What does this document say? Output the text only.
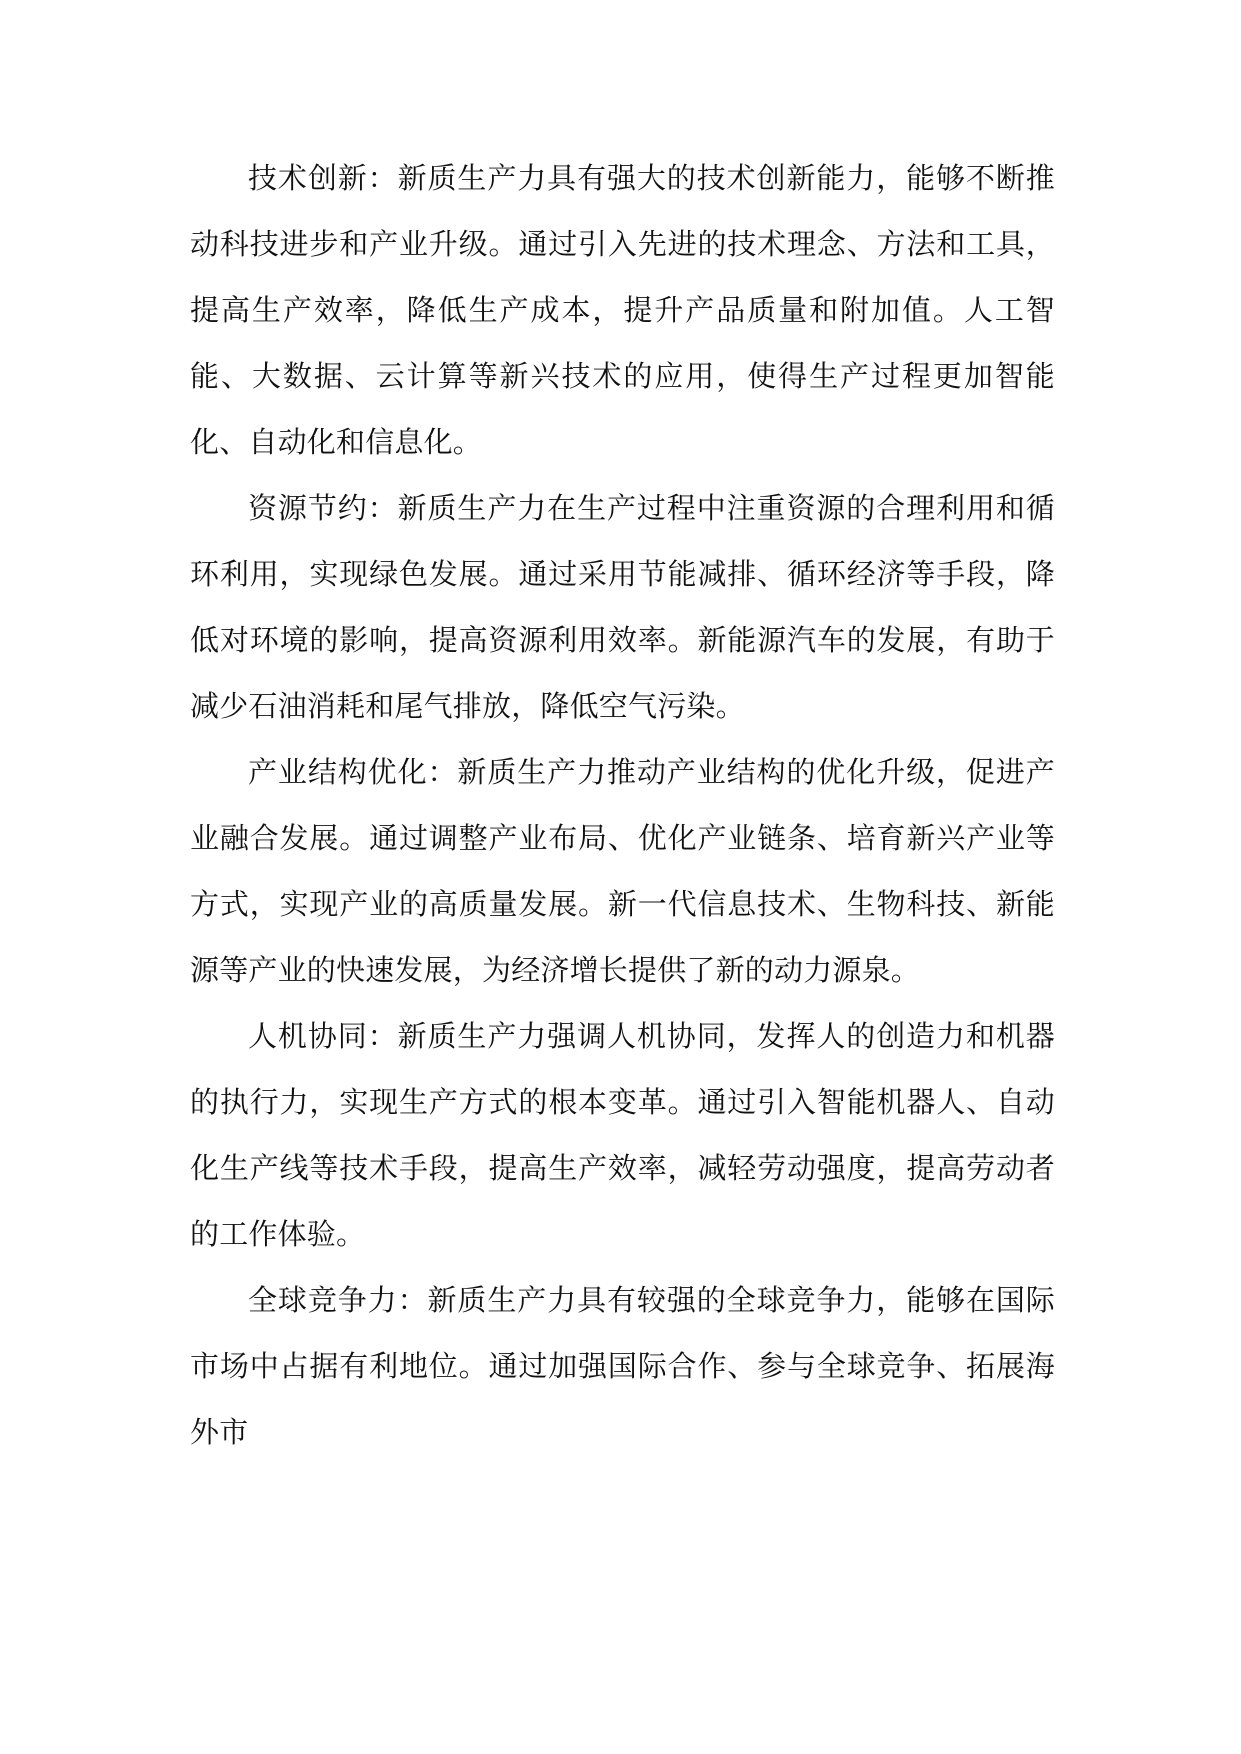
技术创新：新质生产力具有强大的技术创新能力，能够不断推动科技进步和产业升级。通过引入先进的技术理念、方法和工具，提高生产效率，降低生产成本，提升产品质量和附加值。人工智能、大数据、云计算等新兴技术的应用，使得生产过程更加智能化、自动化和信息化。

资源节约：新质生产力在生产过程中注重资源的合理利用和循环利用，实现绿色发展。通过采用节能减排、循环经济等手段，降低对环境的影响，提高资源利用效率。新能源汽车的发展，有助于减少石油消耗和尾气排放，降低空气污染。

产业结构优化：新质生产力推动产业结构的优化升级，促进产业融合发展。通过调整产业布局、优化产业链条、培育新兴产业等方式，实现产业的高质量发展。新一代信息技术、生物科技、新能源等产业的快速发展，为经济增长提供了新的动力源泉。

人机协同：新质生产力强调人机协同，发挥人的创造力和机器的执行力，实现生产方式的根本变革。通过引入智能机器人、自动化生产线等技术手段，提高生产效率，减轻劳动强度，提高劳动者的工作体验。

全球竞争力：新质生产力具有较强的全球竞争力，能够在国际市场中占据有利地位。通过加强国际合作、参与全球竞争、拓展海外市
